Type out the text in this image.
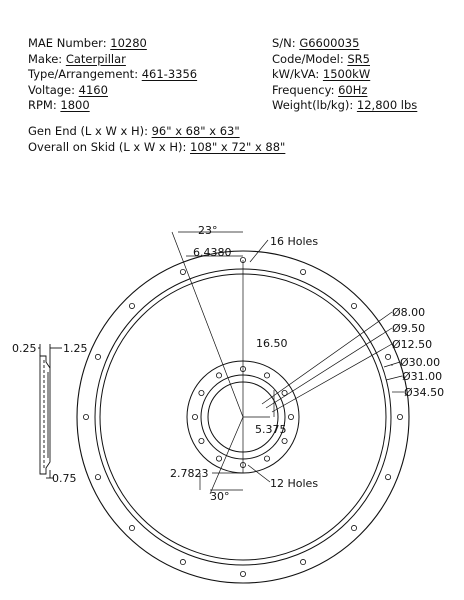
MAE Number: 10280
Make: Caterpillar
Type/Arrangement: 461-3356
Voltage: 4160
RPM: 1800
S/N: G6600035
Code/Model: SR5
kW/kVA: 1500kW
Frequency: 60Hz
Weight(lb/kg): 12,800 lbs
Gen End (L x W x H): 96" x 68" x 63"
Overall on Skid (L x W x H): 108" x 72" x 88"
0.25 1.25
0.75
23°
6.4380
16 Holes
16.50
5.375
2.7823
12 Holes
30°
Ø8.00
Ø9.50
Ø12.50
Ø30.00
Ø31.00
Ø34.50
